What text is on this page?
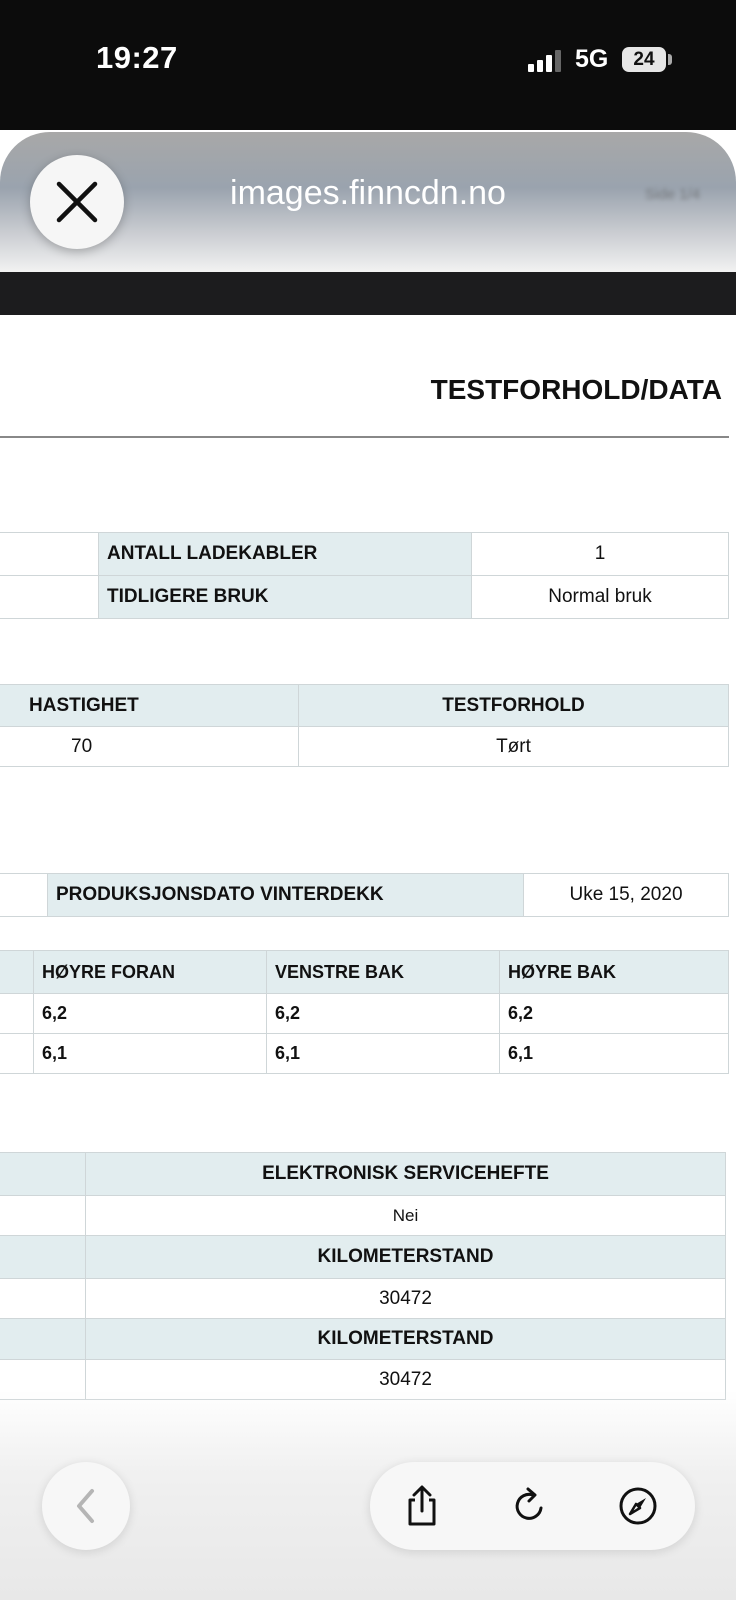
19:27	5G	24
images.finncdn.no	Side 1/4
TESTFORHOLD/DATA
	ANTALL LADEKABLER	1
	TIDLIGERE BRUK	Normal bruk
HASTIGHET	TESTFORHOLD
70	Tørt
	PRODUKSJONSDATO VINTERDEKK	Uke 15, 2020
	HØYRE FORAN	VENSTRE BAK	HØYRE BAK
	6,2	6,2	6,2
	6,1	6,1	6,1
	ELEKTRONISK SERVICEHEFTE
	Nei
	KILOMETERSTAND
	30472
	KILOMETERSTAND
	30472
